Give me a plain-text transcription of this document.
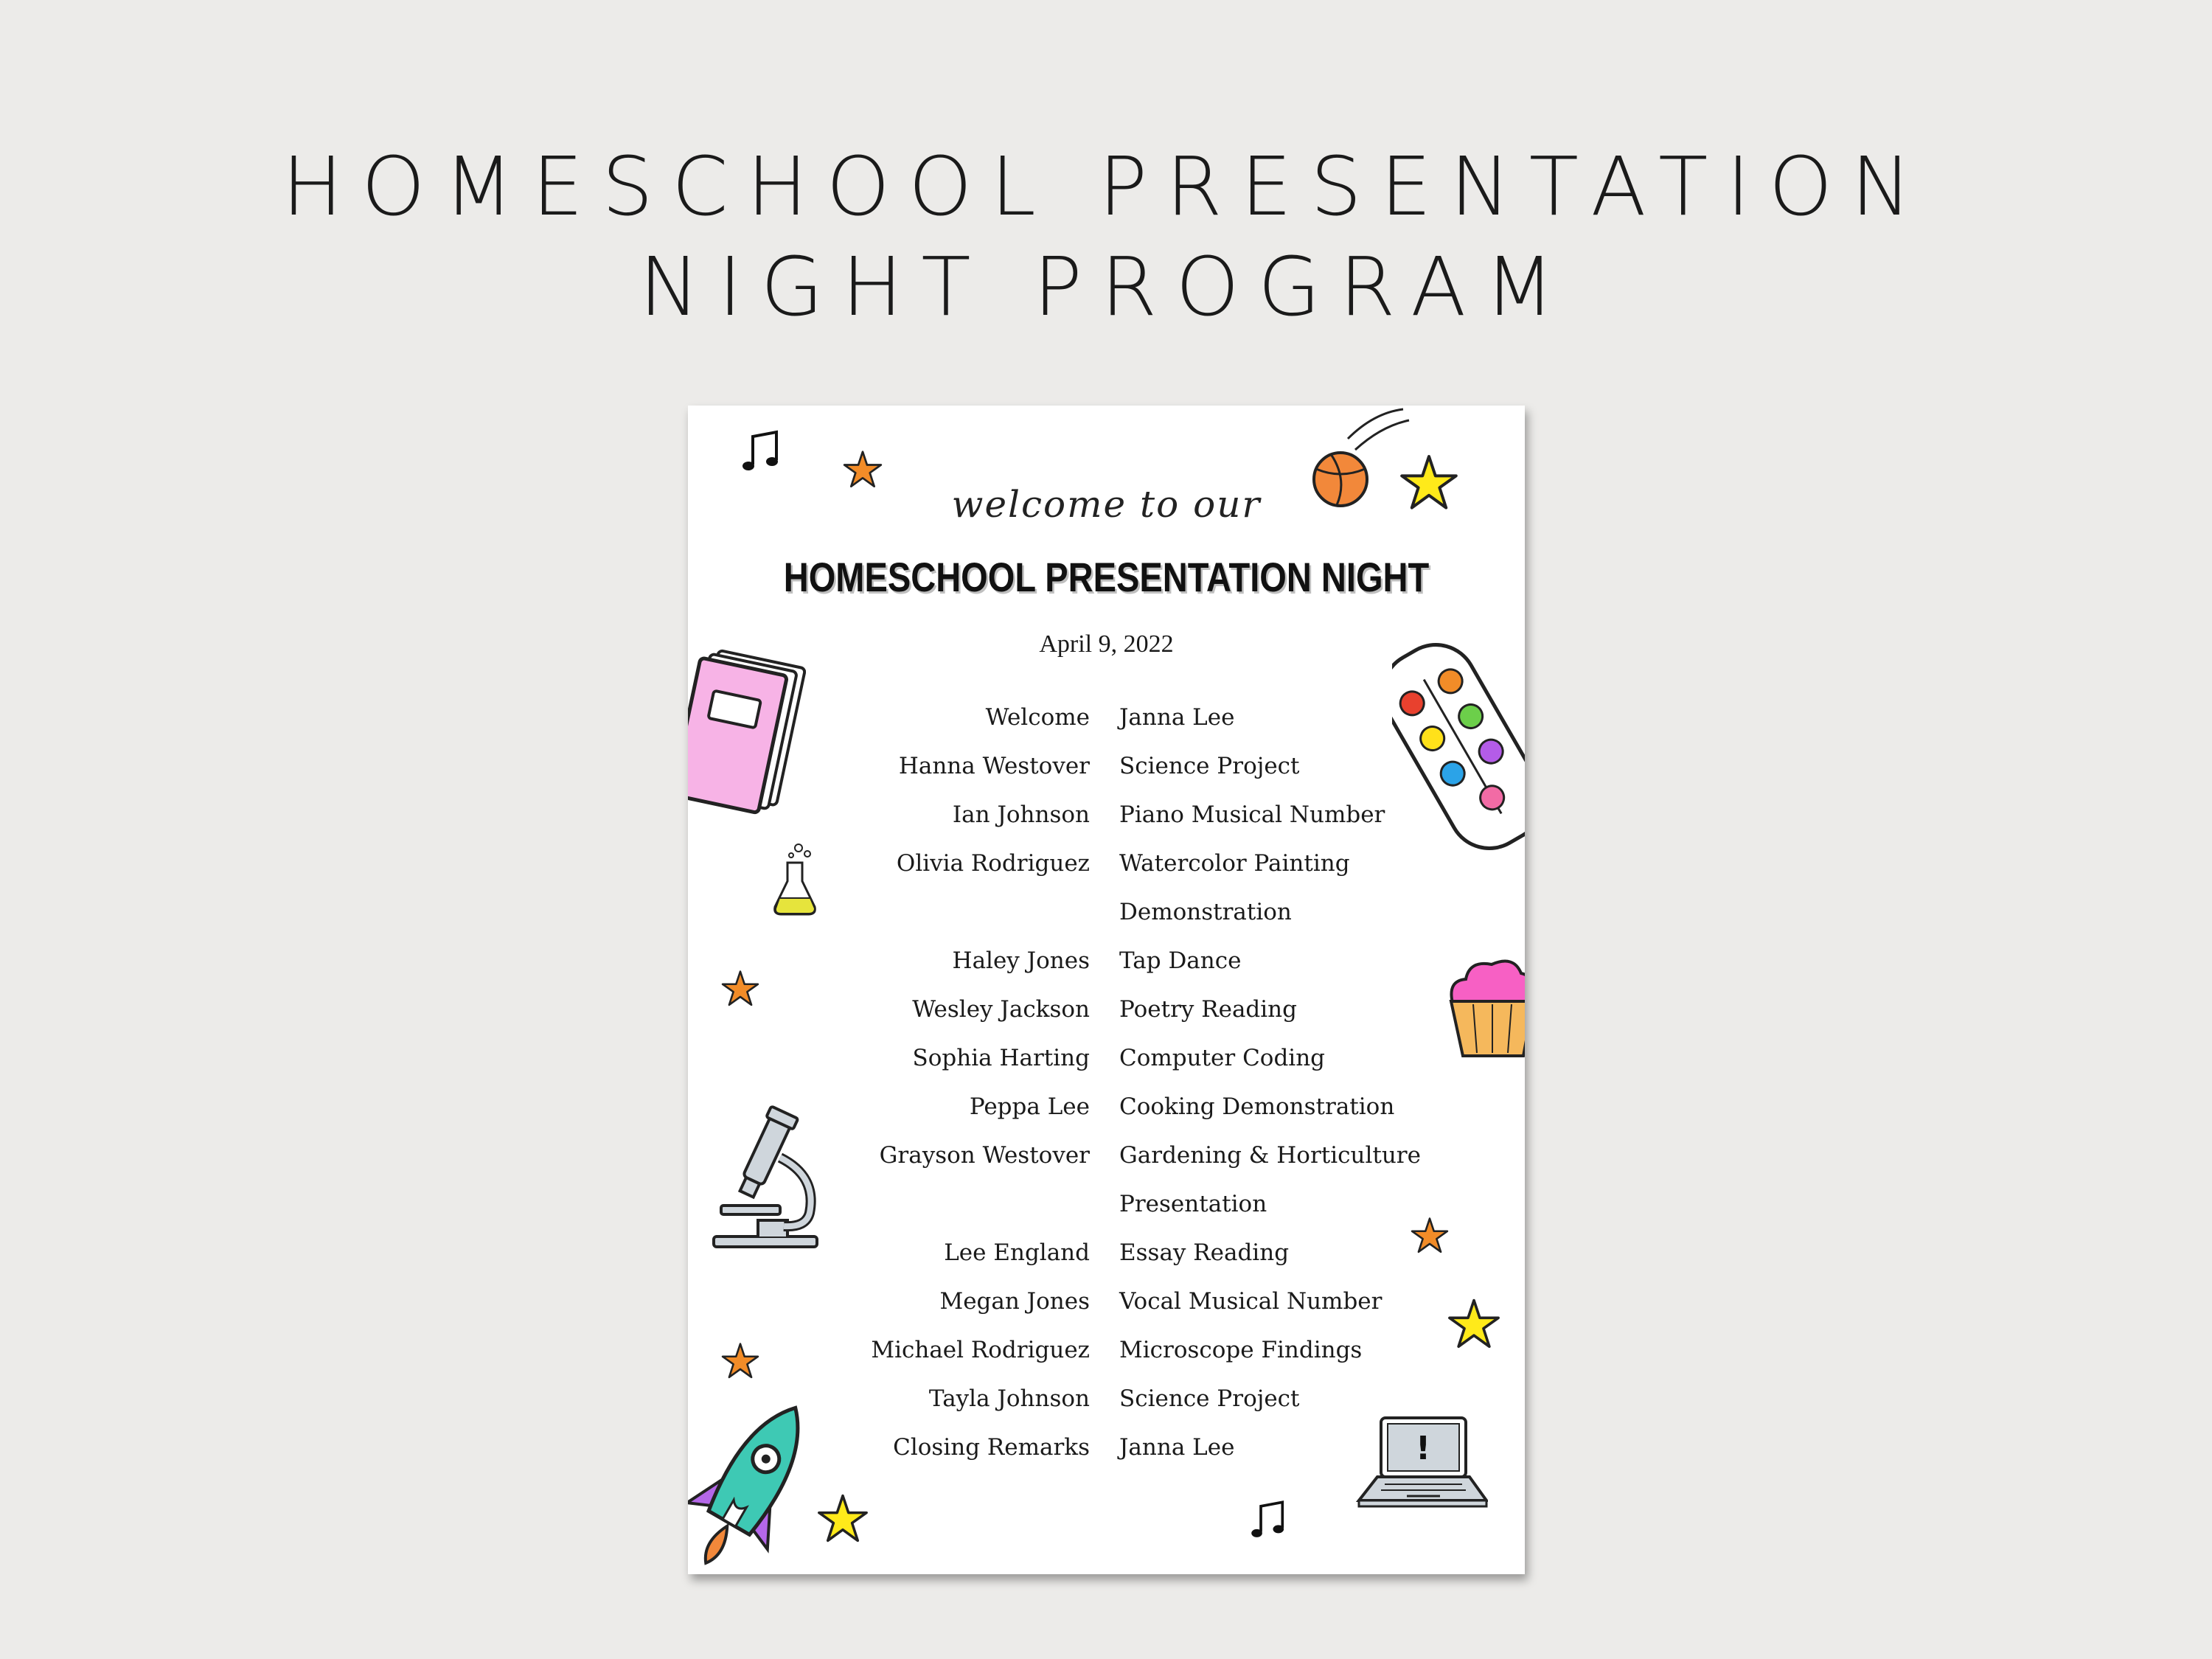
HOMESCHOOL PRESENTATION
NIGHT PROGRAM
welcome to our
HOMESCHOOL PRESENTATION NIGHT
April 9, 2022
Welcome Janna Lee
Hanna Westover Science Project
Ian Johnson Piano Musical Number
Olivia Rodriguez Watercolor Painting
Demonstration
Haley Jones Tap Dance
Wesley Jackson Poetry Reading
Sophia Harting Computer Coding
Peppa Lee Cooking Demonstration
Grayson Westover Gardening & Horticulture
Presentation
Lee England Essay Reading
Megan Jones Vocal Musical Number
Michael Rodriguez Microscope Findings
Tayla Johnson Science Project
Closing Remarks Janna Lee	!
